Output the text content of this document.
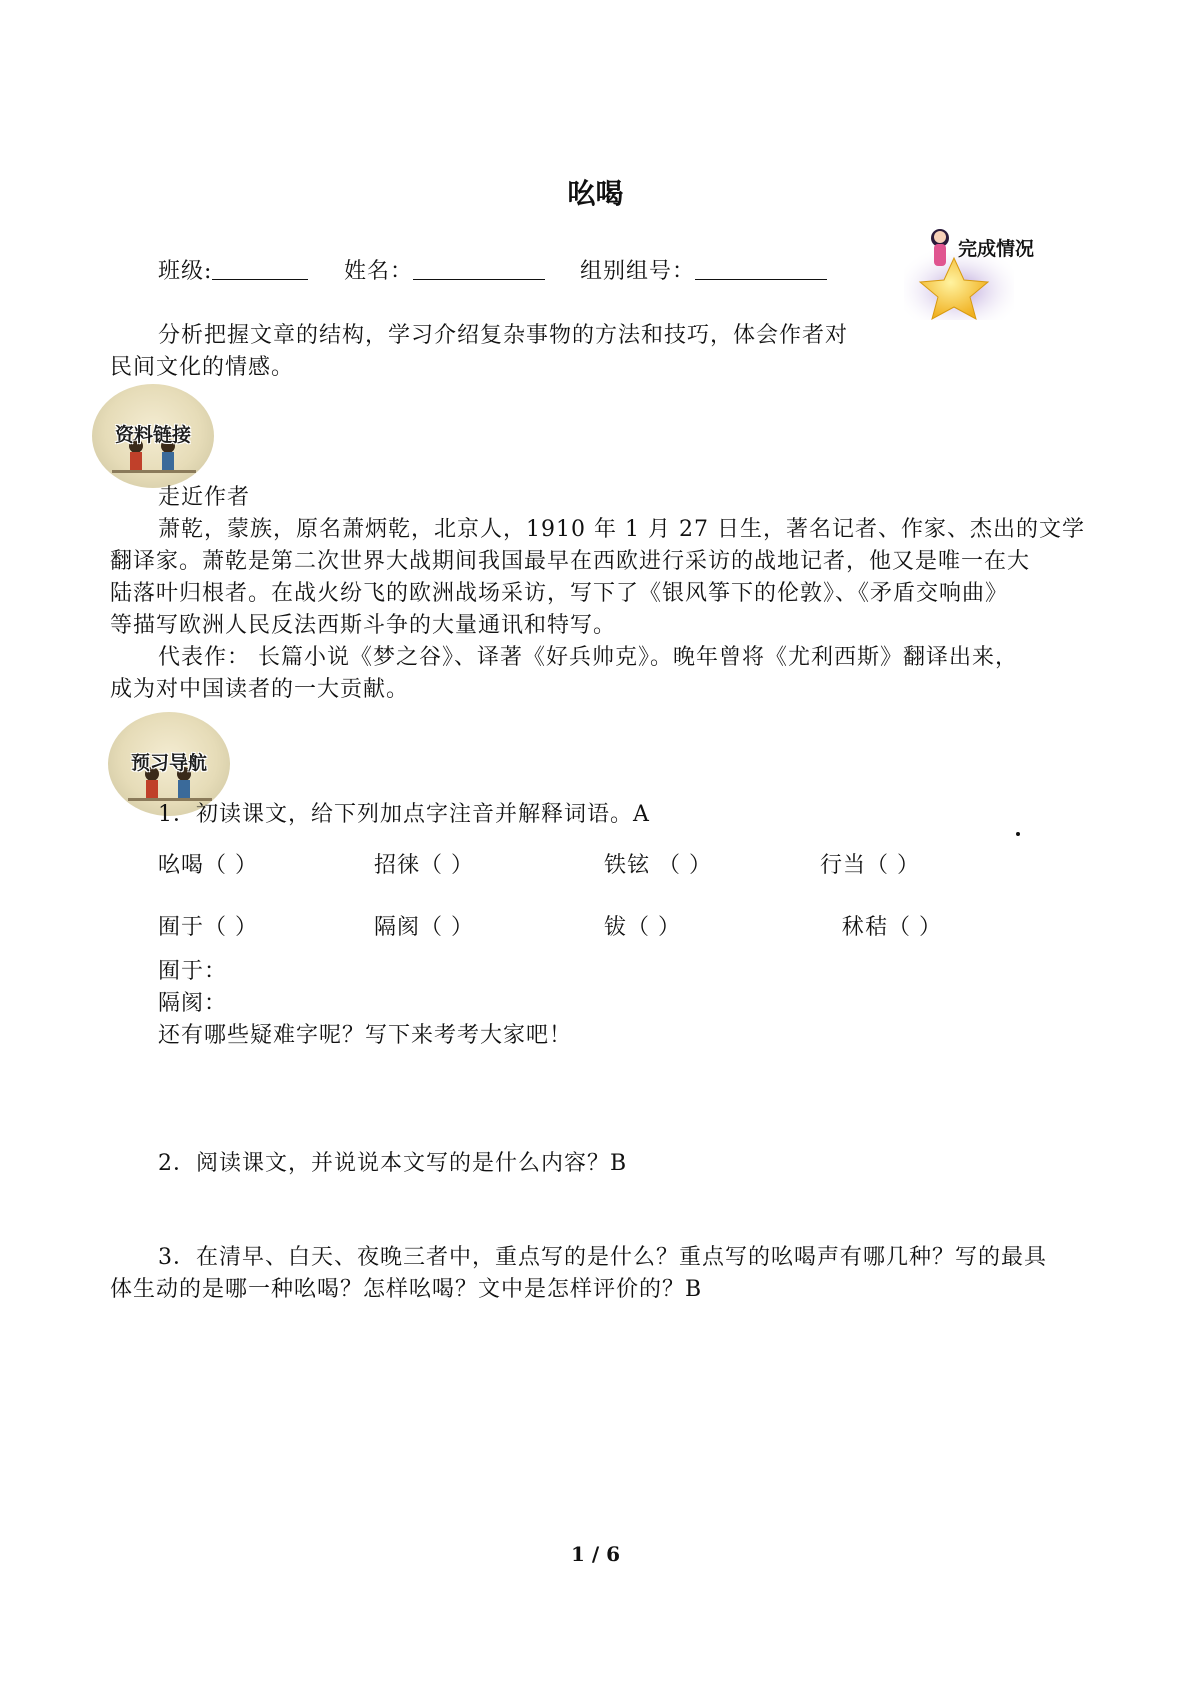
吆喝
班级:	姓名：	组别组号：
完成情况
分析把握文章的结构，学习介绍复杂事物的方法和技巧，体会作者对
民间文化的情感。
资料链接
走近作者
萧乾，蒙族，原名萧炳乾，北京人，1910 年 1 月 27 日生，著名记者、作家、杰出的文学
翻译家。萧乾是第二次世界大战期间我国最早在西欧进行采访的战地记者，他又是唯一在大
陆落叶归根者。在战火纷飞的欧洲战场采访，写下了《银风筝下的伦敦》、《矛盾交响曲》
等描写欧洲人民反法西斯斗争的大量通讯和特写。
代表作： 长篇小说《梦之谷》、译著《好兵帅克》。晚年曾将《尤利西斯》翻译出来，
成为对中国读者的一大贡献。
预习导航
1．初读课文，给下列加点字注音并解释词语。A
吆喝（ ）	招徕（ ）	铁铉 （ ）	行当（ ）
囿于（ ）	隔阂（ ）	钹（ ）	秫秸（ ）
囿于：
隔阂：
还有哪些疑难字呢？写下来考考大家吧！
2．阅读课文，并说说本文写的是什么内容？B
3．在清早、白天、夜晚三者中，重点写的是什么？重点写的吆喝声有哪几种？写的最具
体生动的是哪一种吆喝？怎样吆喝？文中是怎样评价的？B
1 / 6
